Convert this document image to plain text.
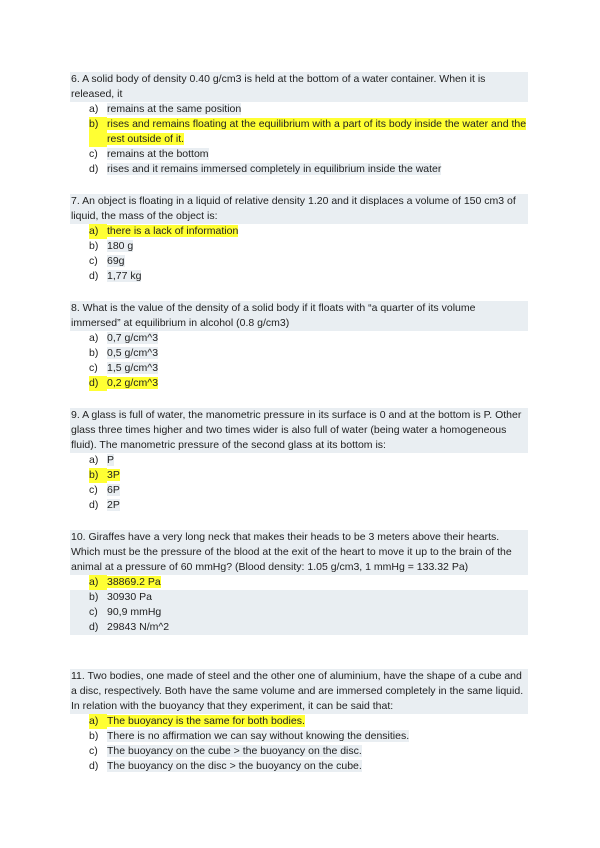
6. A solid body of density 0.40 g/cm3 is held at the bottom of a water container. When it is released, it

a) remains at the same position
b) rises and remains floating at the equilibrium with a part of its body inside the water and the rest outside of it.
c) remains at the bottom
d) rises and it remains immersed completely in equilibrium inside the water

7. An object is floating in a liquid of relative density 1.20 and it displaces a volume of 150 cm3 of liquid, the mass of the object is:

a) there is a lack of information
b) 180 g
c) 69g
d) 1,77 kg

8. What is the value of the density of a solid body if it floats with “a quarter of its volume immersed” at equilibrium in alcohol (0.8 g/cm3)

a) 0,7 g/cm^3
b) 0,5 g/cm^3
c) 1,5 g/cm^3
d) 0,2 g/cm^3

9. A glass is full of water, the manometric pressure in its surface is 0 and at the bottom is P. Other glass three times higher and two times wider is also full of water (being water a homogeneous fluid). The manometric pressure of the second glass at its bottom is:

a) P
b) 3P
c) 6P
d) 2P

10. Giraffes have a very long neck that makes their heads to be 3 meters above their hearts. Which must be the pressure of the blood at the exit of the heart to move it up to the brain of the animal at a pressure of 60 mmHg? (Blood density: 1.05 g/cm3, 1 mmHg = 133.32 Pa)

a) 38869.2 Pa
b) 30930 Pa
c) 90,9 mmHg
d) 29843 N/m^2

11. Two bodies, one made of steel and the other one of aluminium, have the shape of a cube and a disc, respectively. Both have the same volume and are immersed completely in the same liquid. In relation with the buoyancy that they experiment, it can be said that:

a) The buoyancy is the same for both bodies.
b) There is no affirmation we can say without knowing the densities.
c) The buoyancy on the cube > the buoyancy on the disc.
d) The buoyancy on the disc > the buoyancy on the cube.
